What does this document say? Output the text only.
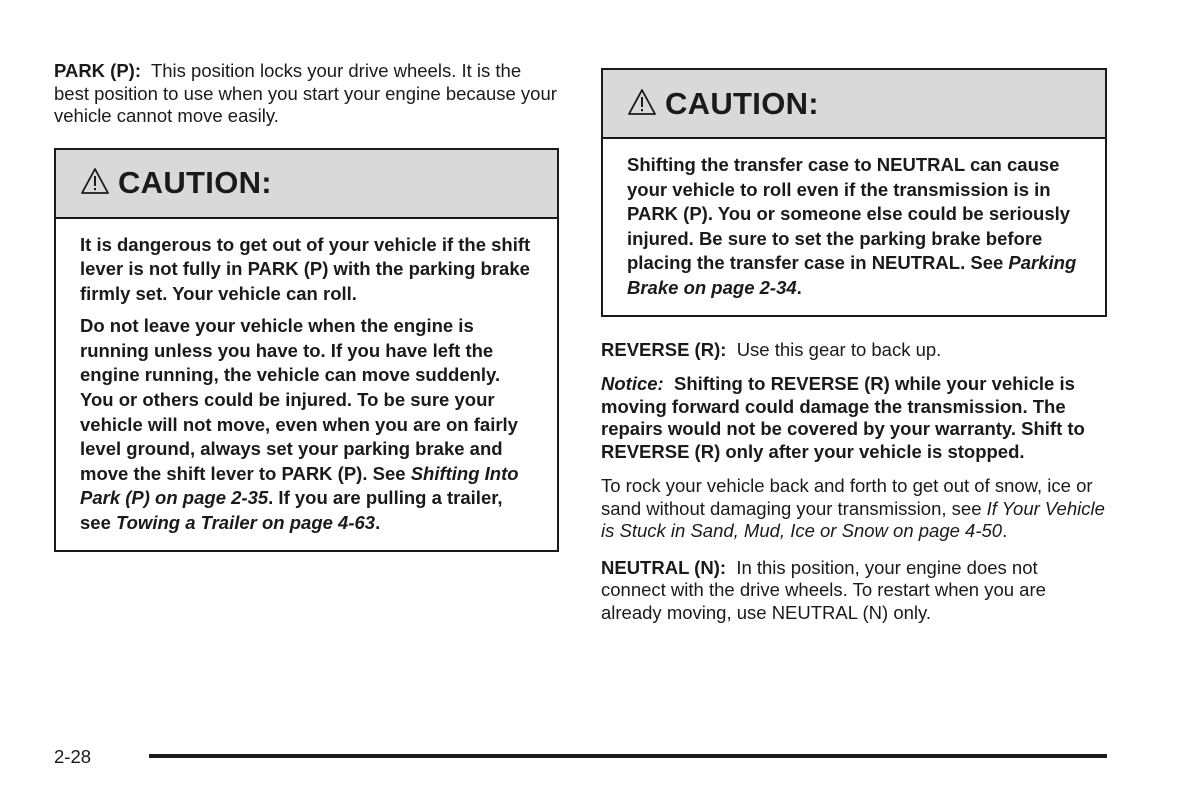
PARK (P): This position locks your drive wheels. It is the best position to use when you start your engine because your vehicle cannot move easily.

CAUTION:

It is dangerous to get out of your vehicle if the shift lever is not fully in PARK (P) with the parking brake firmly set. Your vehicle can roll.

Do not leave your vehicle when the engine is running unless you have to. If you have left the engine running, the vehicle can move suddenly. You or others could be injured. To be sure your vehicle will not move, even when you are on fairly level ground, always set your parking brake and move the shift lever to PARK (P). See Shifting Into Park (P) on page 2-35. If you are pulling a trailer, see Towing a Trailer on page 4-63.

CAUTION:

Shifting the transfer case to NEUTRAL can cause your vehicle to roll even if the transmission is in PARK (P). You or someone else could be seriously injured. Be sure to set the parking brake before placing the transfer case in NEUTRAL. See Parking Brake on page 2-34.

REVERSE (R): Use this gear to back up.

Notice: Shifting to REVERSE (R) while your vehicle is moving forward could damage the transmission. The repairs would not be covered by your warranty. Shift to REVERSE (R) only after your vehicle is stopped.

To rock your vehicle back and forth to get out of snow, ice or sand without damaging your transmission, see If Your Vehicle is Stuck in Sand, Mud, Ice or Snow on page 4-50.

NEUTRAL (N): In this position, your engine does not connect with the drive wheels. To restart when you are already moving, use NEUTRAL (N) only.

2-28
